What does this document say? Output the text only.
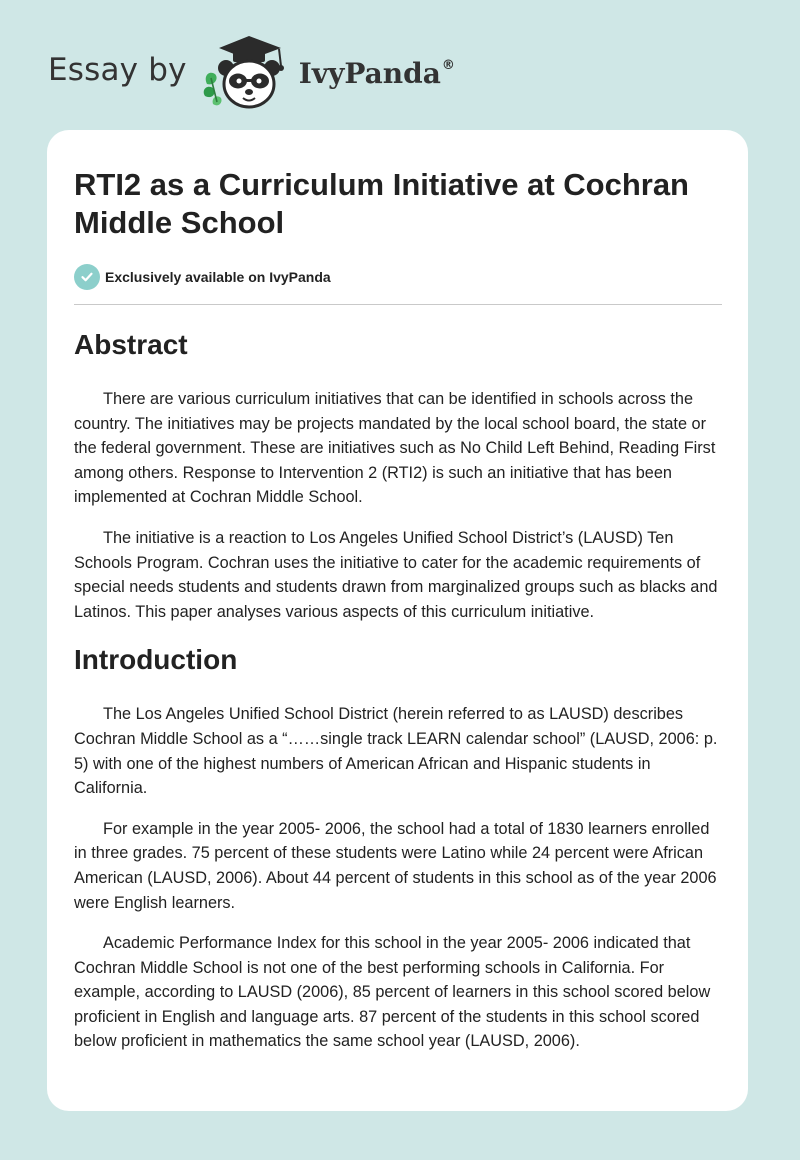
Essay by	IvyPanda®
RTI2 as a Curriculum Initiative at Cochran Middle School
Exclusively available on IvyPanda
Abstract

There are various curriculum initiatives that can be identified in schools across the country. The initiatives may be projects mandated by the local school board, the state or the federal government. These are initiatives such as No Child Left Behind, Reading First among others. Response to Intervention 2 (RTI2) is such an initiative that has been implemented at Cochran Middle School.

The initiative is a reaction to Los Angeles Unified School District’s (LAUSD) Ten Schools Program. Cochran uses the initiative to cater for the academic requirements of special needs students and students drawn from marginalized groups such as blacks and Latinos. This paper analyses various aspects of this curriculum initiative.

Introduction

The Los Angeles Unified School District (herein referred to as LAUSD) describes Cochran Middle School as a “……single track LEARN calendar school” (LAUSD, 2006: p. 5) with one of the highest numbers of American African and Hispanic students in California.

For example in the year 2005- 2006, the school had a total of 1830 learners enrolled in three grades. 75 percent of these students were Latino while 24 percent were African American (LAUSD, 2006). About 44 percent of students in this school as of the year 2006 were English learners.

Academic Performance Index for this school in the year 2005- 2006 indicated that Cochran Middle School is not one of the best performing schools in California. For example, according to LAUSD (2006), 85 percent of learners in this school scored below proficient in English and language arts. 87 percent of the students in this school scored below proficient in mathematics the same school year (LAUSD, 2006).
